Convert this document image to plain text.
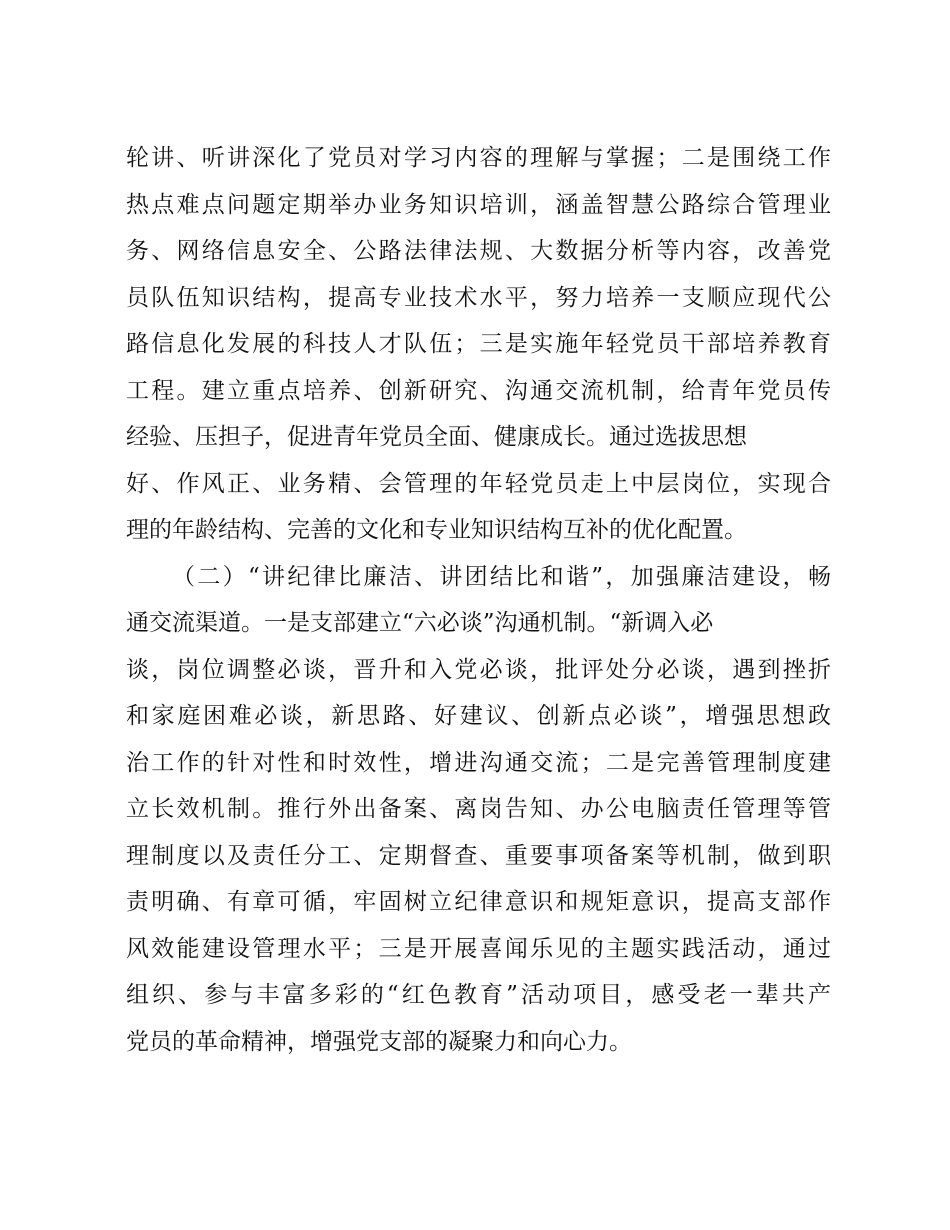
轮讲、听讲深化了党员对学习内容的理解与掌握；二是围绕工作
热点难点问题定期举办业务知识培训，涵盖智慧公路综合管理业
务、网络信息安全、公路法律法规、大数据分析等内容，改善党
员队伍知识结构，提高专业技术水平，努力培养一支顺应现代公
路信息化发展的科技人才队伍；三是实施年轻党员干部培养教育
工程。建立重点培养、创新研究、沟通交流机制，给青年党员传
经验、压担子，促进青年党员全面、健康成长。通过选拔思想
好、作风正、业务精、会管理的年轻党员走上中层岗位，实现合
理的年龄结构、完善的文化和专业知识结构互补的优化配置。
（二）“讲纪律比廉洁、讲团结比和谐”，加强廉洁建设，畅
通交流渠道。一是支部建立“六必谈”沟通机制。“新调入必
谈，岗位调整必谈，晋升和入党必谈，批评处分必谈，遇到挫折
和家庭困难必谈，新思路、好建议、创新点必谈”，增强思想政
治工作的针对性和时效性，增进沟通交流；二是完善管理制度建
立长效机制。推行外出备案、离岗告知、办公电脑责任管理等管
理制度以及责任分工、定期督查、重要事项备案等机制，做到职
责明确、有章可循，牢固树立纪律意识和规矩意识，提高支部作
风效能建设管理水平；三是开展喜闻乐见的主题实践活动，通过
组织、参与丰富多彩的“红色教育”活动项目，感受老一辈共产
党员的革命精神，增强党支部的凝聚力和向心力。
